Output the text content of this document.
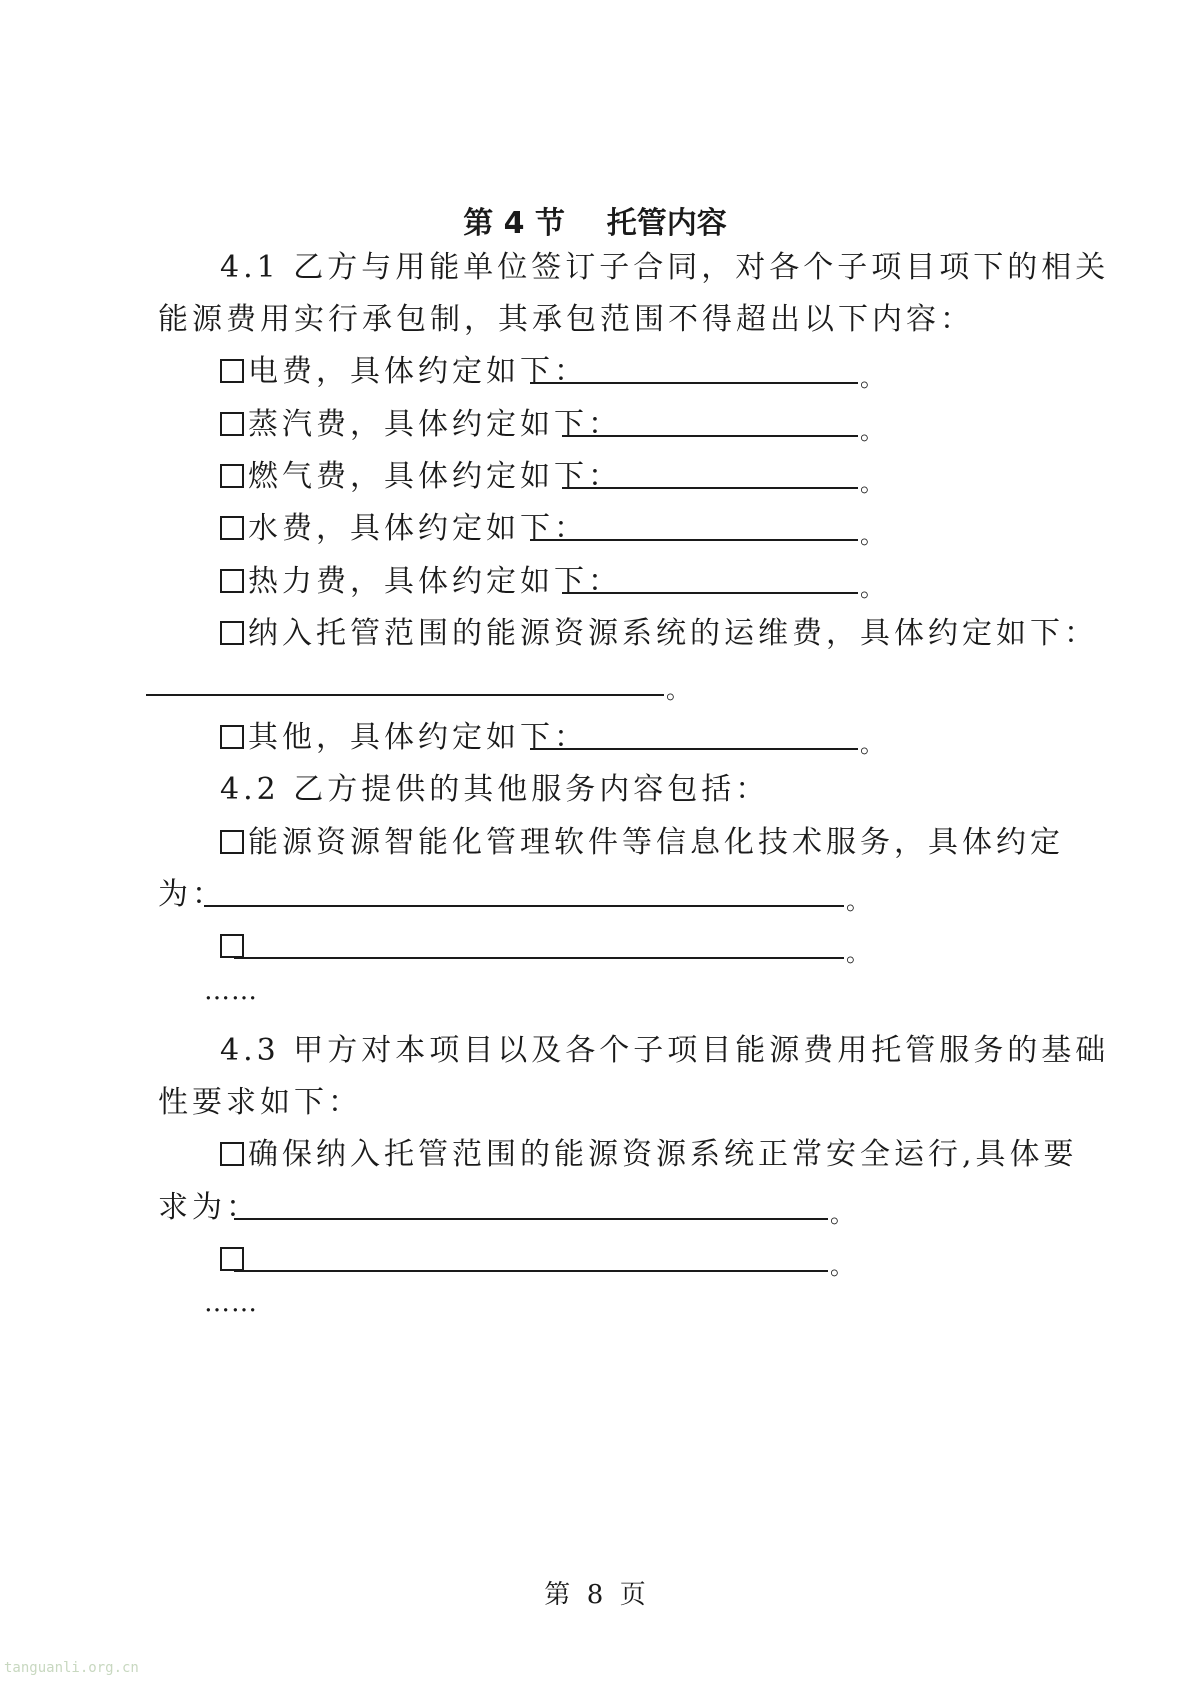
第 4 节    托管内容
4.1 乙方与用能单位签订子合同，对各个子项目项下的相关
能源费用实行承包制，其承包范围不得超出以下内容：
电费，具体约定如下：	。
蒸汽费，具体约定如下：	。
燃气费，具体约定如下：	。
水费，具体约定如下：	。
热力费，具体约定如下：	。
纳入托管范围的能源资源系统的运维费，具体约定如下：
。
其他，具体约定如下：	。
4.2 乙方提供的其他服务内容包括：
能源资源智能化管理软件等信息化技术服务，具体约定
为：	。
。
……
4.3 甲方对本项目以及各个子项目能源费用托管服务的基础
性要求如下：
确保纳入托管范围的能源资源系统正常安全运行,具体要
求为：	。
。
……
第  8  页
tanguanli.org.cn
